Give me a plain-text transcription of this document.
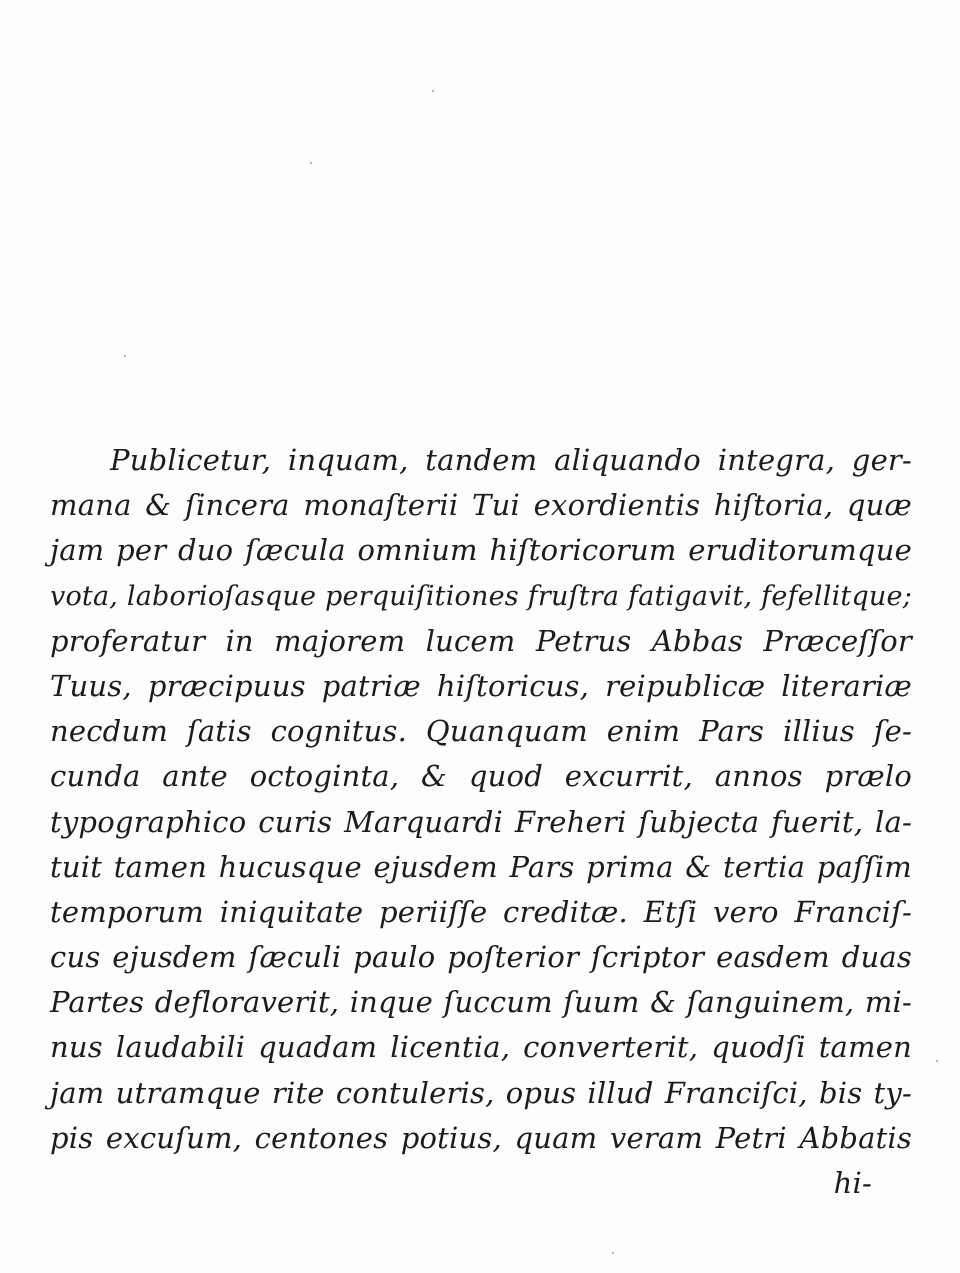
Publicetur, inquam, tandem aliquando integra, ger-
mana & ſincera monaſterii Tui exordientis hiſtoria, quæ
jam per duo ſæcula omnium hiſtoricorum eruditorumque
vota, laborioſasque perquiſitiones fruſtra fatigavit, fefellitque;
proferatur in majorem lucem Petrus Abbas Præceſſor
Tuus, præcipuus patriæ hiſtoricus, reipublicæ literariæ
necdum ſatis cognitus. Quanquam enim Pars illius ſe-
cunda ante octoginta, & quod excurrit, annos prælo
typographico curis Marquardi Freheri ſubjecta fuerit, la-
tuit tamen hucusque ejusdem Pars prima & tertia paſſim
temporum iniquitate periiſſe creditæ. Etſi vero Franciſ-
cus ejusdem ſæculi paulo poſterior ſcriptor easdem duas
Partes defloraverit, inque ſuccum ſuum & ſanguinem, mi-
nus laudabili quadam licentia, converterit, quodſi tamen
jam utramque rite contuleris, opus illud Franciſci, bis ty-
pis excuſum, centones potius, quam veram Petri Abbatis
hi-
